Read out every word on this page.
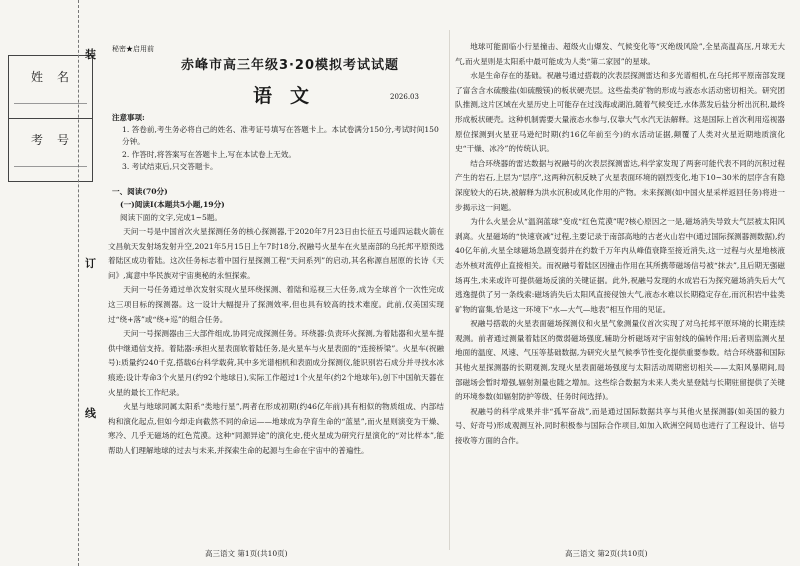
姓名
考号
装
订
线
秘密★启用前
赤峰市高三年级3·20模拟考试试题
语文	2026.03
注意事项:
1. 答卷前,考生务必将自己的姓名、准考证号填写在答题卡上。本试卷满分150分,考试时间150分钟。
2. 作答时,将答案写在答题卡上,写在本试卷上无效。
3. 考试结束后,只交答题卡。
一、阅读(70分)
(一)阅读Ⅰ(本题共5小题,19分)
阅读下面的文字,完成1~5题。

天问一号是中国首次火星探测任务的核心探测器,于2020年7月23日由长征五号遥四运载火箭在文昌航天发射场发射升空,2021年5月15日上午7时18分,祝融号火星车在火星南部的乌托邦平原预选着陆区成功着陆。这次任务标志着中国行星探测工程“天问系列”的启动,其名称源自屈原的长诗《天问》,寓意中华民族对宇宙奥秘的永恒探索。

天问一号任务通过单次发射实现火星环绕探测、着陆和巡视三大任务,成为全球首个一次性完成这三项目标的探测器。这一设计大幅提升了探测效率,但也具有较高的技术难度。此前,仅美国实现过“绕+落”或“绕+巡”的组合任务。

天问一号探测器由三大部件组成,协同完成探测任务。环绕器:负责环火探测,为着陆器和火星车提供中继通信支持。着陆器:承担火星表面软着陆任务,是火星车与火星表面的“连接桥梁”。火星车(祝融号):质量约240千克,搭载6台科学载荷,其中多光谱相机和表面成分探测仪,能识别岩石成分并寻找水冰痕迹;设计寿命3个火星月(约92个地球日),实际工作超过1个火星年(约2个地球年),创下中国航天器在火星的最长工作纪录。

火星与地球同属太阳系“类地行星”,两者在形成初期(约46亿年前)具有相似的物质组成、内部结构和演化起点,但如今却走向截然不同的命运——地球成为孕育生命的“蓝星”,而火星则演变为干燥、寒冷、几乎无磁场的红色荒漠。这种“同源异途”的演化史,使火星成为研究行星演化的“对比样本”,能帮助人们理解地球的过去与未来,并探索生命的起源与生命在宇宙中的普遍性。

地球可能面临小行星撞击、超级火山爆发、气候变化等“灭绝级风险”,全星高温高压,月球无大气,而火星则是太阳系中最可能成为人类“第二家园”的星球。

水是生命存在的基础。祝融号通过搭载的次表层探测雷达和多光谱相机,在乌托邦平原南部发现了富含含水硫酸盐(如硫酸镁)的板状硬壳层。这些盐类矿物的形成与液态水活动密切相关。研究团队推测,这片区域在火星历史上可能存在过浅海或湖泊,随着气候变迁,水体蒸发后盐分析出沉积,最终形成板状硬壳。这种机制需要大量液态水参与,仅靠大气水汽无法解释。这是国际上首次利用巡视器原位探测到火星亚马逊纪时期(约16亿年前至今)的水活动证据,颠覆了人类对火星近期地质演化史“干燥、冰冷”的传统认识。

结合环绕器的雷达数据与祝融号的次表层探测雷达,科学家发现了两套可能代表不同的沉积过程产生的岩石,上层为“层序”,这两种沉积反映了火星表面环境的剧烈变化,地下10~30米的层序含有隐深度较大的石块,被解释为洪水沉积或风化作用的产物。未来探测(如中国火星采样返回任务)将进一步揭示这一问题。

为什么火星会从“温润蓝球”变成“红色荒漠”呢?核心原因之一是,磁场消失导致大气层被太阳风剥离。火星磁场的“快速衰减”过程,主要记录于南部高地的古老火山岩中(通过国际探测器测数据),约40亿年前,火星全球磁场急剧变弱并在约数千万年内从峰值衰降至接近消失,这一过程与火星地核液态外核对流停止直接相关。而祝融号着陆区因撞击作用在其所携带磁场信号被“抹去”,且后期无强磁场再生,未来或许可提供磁场反演的关键证据。此外,祝融号发现的水成岩石为探究磁场消失后大气逃逸提供了另一条线索:磁场消失后太阳风直接侵蚀大气,液态水难以长期稳定存在,而沉积岩中盐类矿物的富集,恰是这一环境下“水—大气—地表”相互作用的见证。

祝融号搭载的火星表面磁场探测仪和火星气象测量仪首次实现了对乌托邦平原环境的长期连续观测。前者通过测量着陆区的微弱磁场强度,辅助分析磁场对宇宙射线的偏转作用;后者则监测火星地面的温度、风速、气压等基础数据,为研究火星气候季节性变化提供重要参数。结合环绕器和国际其他火星探测器的长期观测,发现火星表面磁场强度与太阳活动周期密切相关——太阳风暴期间,局部磁场会暂时增强,辐射剂量也随之增加。这些综合数据为未来人类火星登陆与长期驻留提供了关键的环境参数(如辐射防护等级、任务时间选择)。

祝融号的科学成果并非“孤军奋战”,而是通过国际数据共享与其他火星探测器(如美国的毅力号、好奇号)形成观测互补,同时积极参与国际合作项目,如加入欧洲空间局也进行了工程设计、信号接收等方面的合作。

高三语文 第1页(共10页)	高三语文 第2页(共10页)
